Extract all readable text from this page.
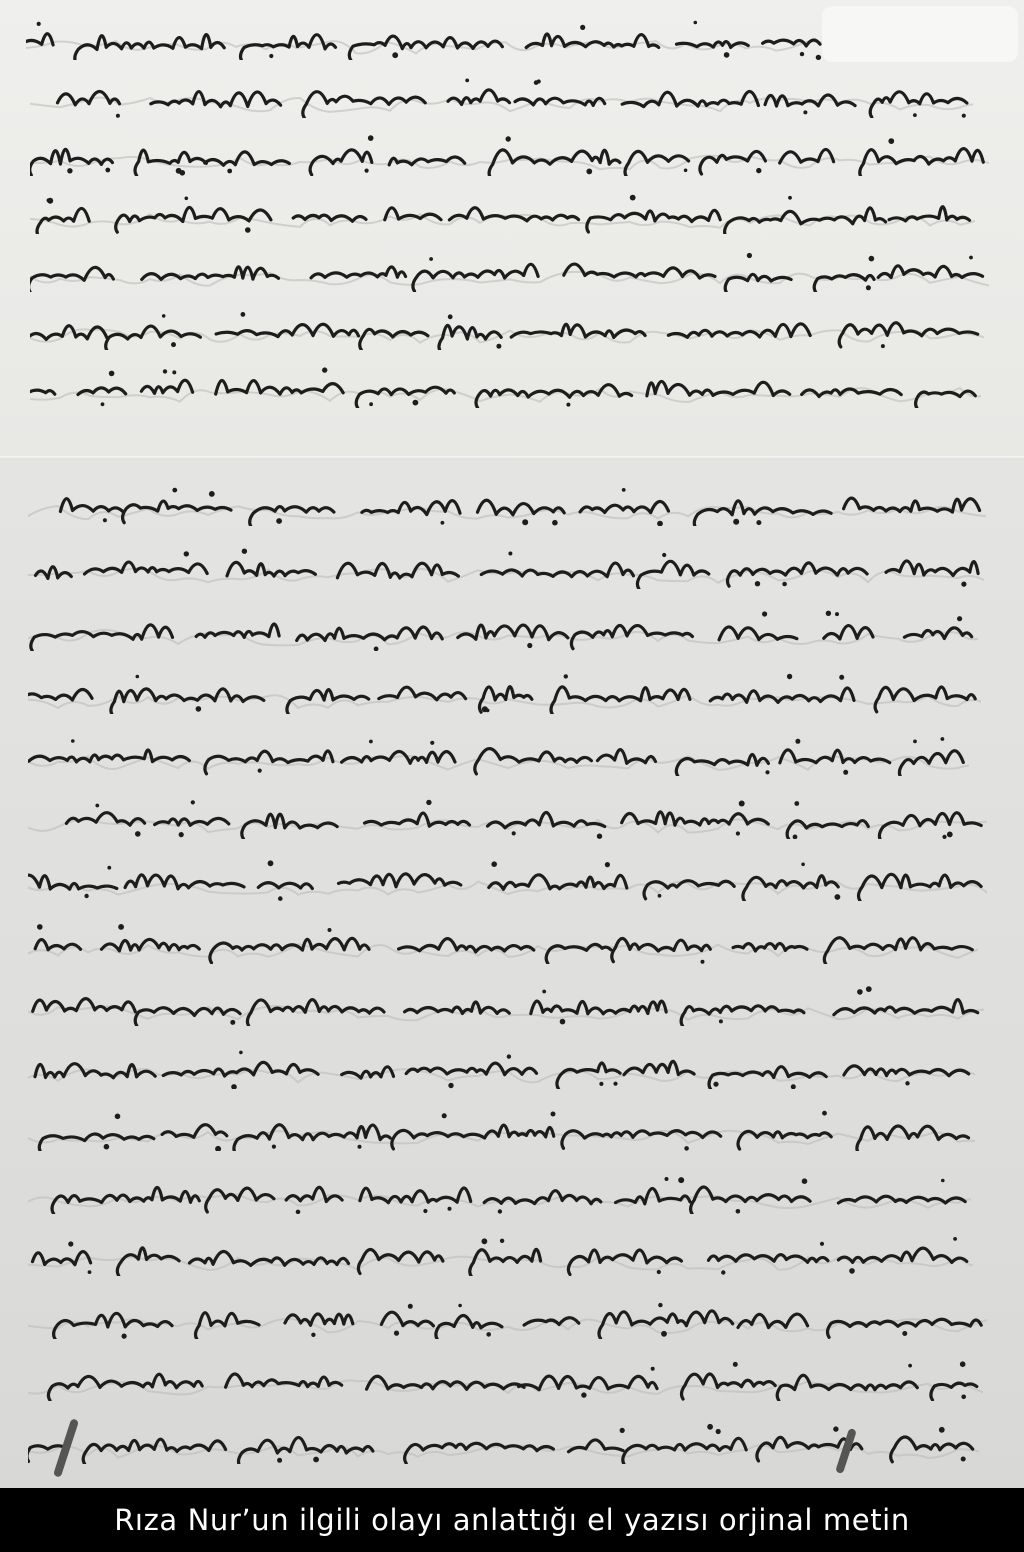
Rıza Nur’un ilgili olayı anlattığı el yazısı orjinal metin
